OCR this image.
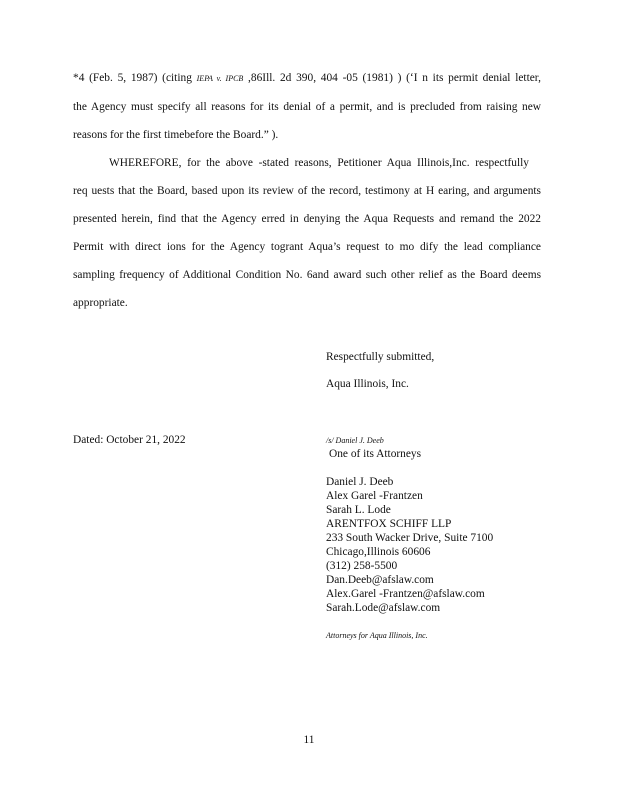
*4 (Feb. 5, 1987) (citing IEPA v. IPCB ,86Ill. 2d 390, 404 -05 (1981) ) (‘I n its permit denial letter,
the Agency must specify all reasons for its denial of a permit, and is precluded from raising new
reasons for the first timebefore the Board.” ).
WHEREFORE, for the above -stated reasons, Petitioner Aqua Illinois,Inc. respectfully
req uests that the Board, based upon its review of the record, testimony at H earing, and arguments
presented herein, find that the Agency erred in denying the Aqua Requests and remand the 2022
Permit with direct ions for the Agency togrant Aqua’s request to mo dify the lead compliance
sampling frequency of Additional Condition No. 6and award such other relief as the Board deems
appropriate.
Respectfully submitted,
Aqua Illinois, Inc.
Dated: October 21, 2022	/s/ Daniel J. Deeb
One of its Attorneys
Daniel J. Deeb
Alex Garel -Frantzen
Sarah L. Lode
ARENTFOX SCHIFF LLP
233 South Wacker Drive, Suite 7100
Chicago,Illinois 60606
(312) 258-5500
Dan.Deeb@afslaw.com
Alex.Garel -Frantzen@afslaw.com
Sarah.Lode@afslaw.com
Attorneys for Aqua Illinois, Inc.
11
